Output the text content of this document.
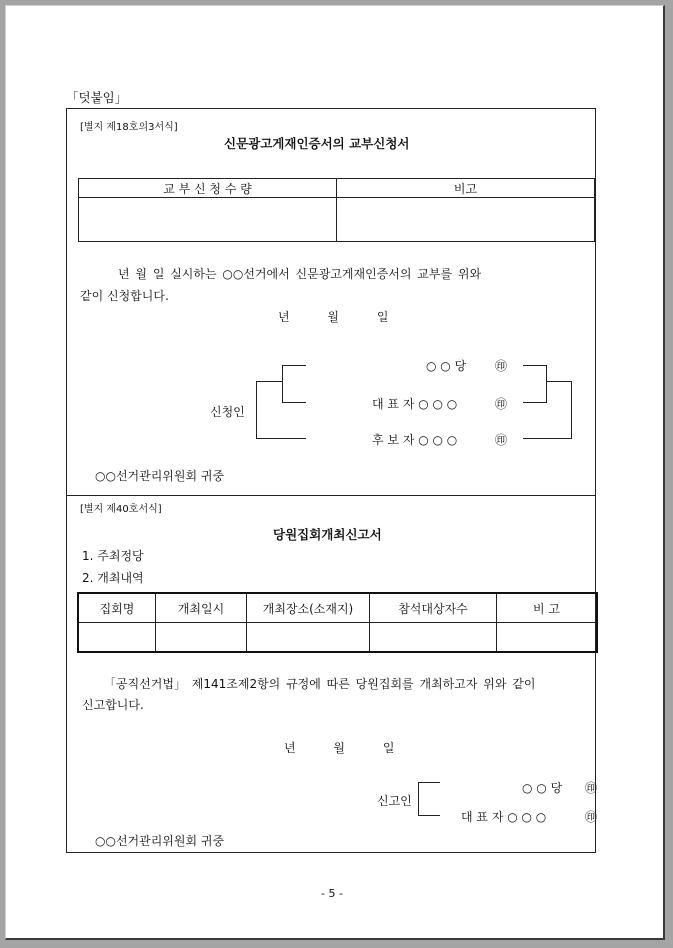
「덧붙임」
[별지 제18호의3서식]
신문광고게재인증서의 교부신청서
교 부 신 청 수 량	비고

년 월 일 실시하는 ○○선거에서 신문광고게재인증서의 교부를 위와
같이 신청합니다.
년 월 일
신청인
○ ○ 당 ㊞
대 표 자 ○ ○ ○	㊞
후 보 자 ○ ○ ○	㊞
○○선거관리위원회 귀중
[별지 제40호서식]
당원집회개최신고서
1. 주최정당
2. 개최내역
집회명	개최일시	개최장소(소재지)	참석대상자수	비 고

「공직선거법」 제141조제2항의 규정에 따른 당원집회를 개최하고자 위와 같이
신고합니다.
년 월 일
신고인
○ ○ 당 ㊞
대 표 자 ○ ○ ○	㊞
○○선거관리위원회 귀중
- 5 -
